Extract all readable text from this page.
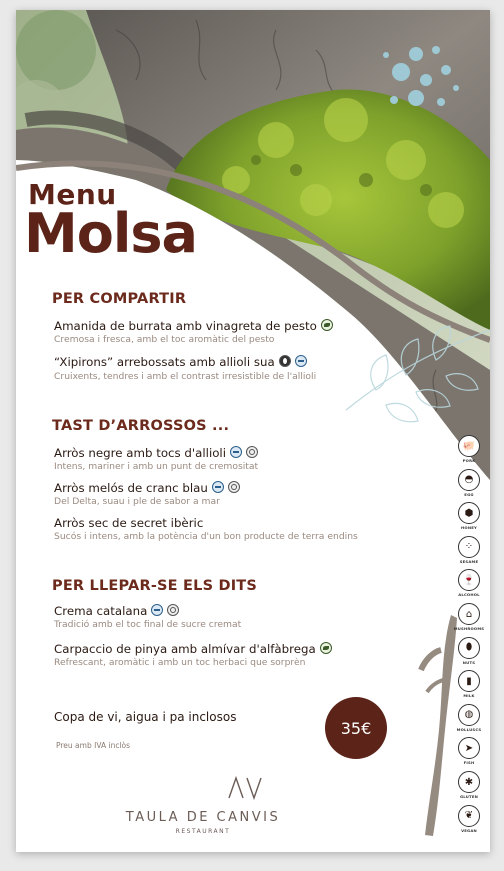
Menu
Molsa
PER COMPARTIR
Amanida de burrata amb vinagreta de pesto
Cremosa i fresca, amb el toc aromàtic del pesto
“Xipirons” arrebossats amb allioli sua
Cruixents, tendres i amb el contrast irresistible de l'allioli
TAST D’ARROSSOS ...
Arròs negre amb tocs d'allioli
Intens, mariner i amb un punt de cremositat
Arròs melós de cranc blau
Del Delta, suau i ple de sabor a mar
Arròs sec de secret ibèric
Sucós i intens, amb la potència d'un bon producte de terra endins
PER LLEPAR-SE ELS DITS
Crema catalana
Tradició amb el toc final de sucre cremat
Carpaccio de pinya amb almívar d'alfàbrega
Refrescant, aromàtic i amb un toc herbaci que sorprèn
Copa de vi, aigua i pa inclosos
Preu amb IVA inclòs
35€
TAULA DE CANVIS
RESTAURANT
🐖
PORK
◓
EGG
⬢
HONEY
⁘
SESAME
🍷
ALCOHOL
⌂
MUSHROOMS
⬮
NUTS
▮
MILK
◍
MOLLUSCS
➤
FISH
✱
GLUTEN
❦
VEGAN
